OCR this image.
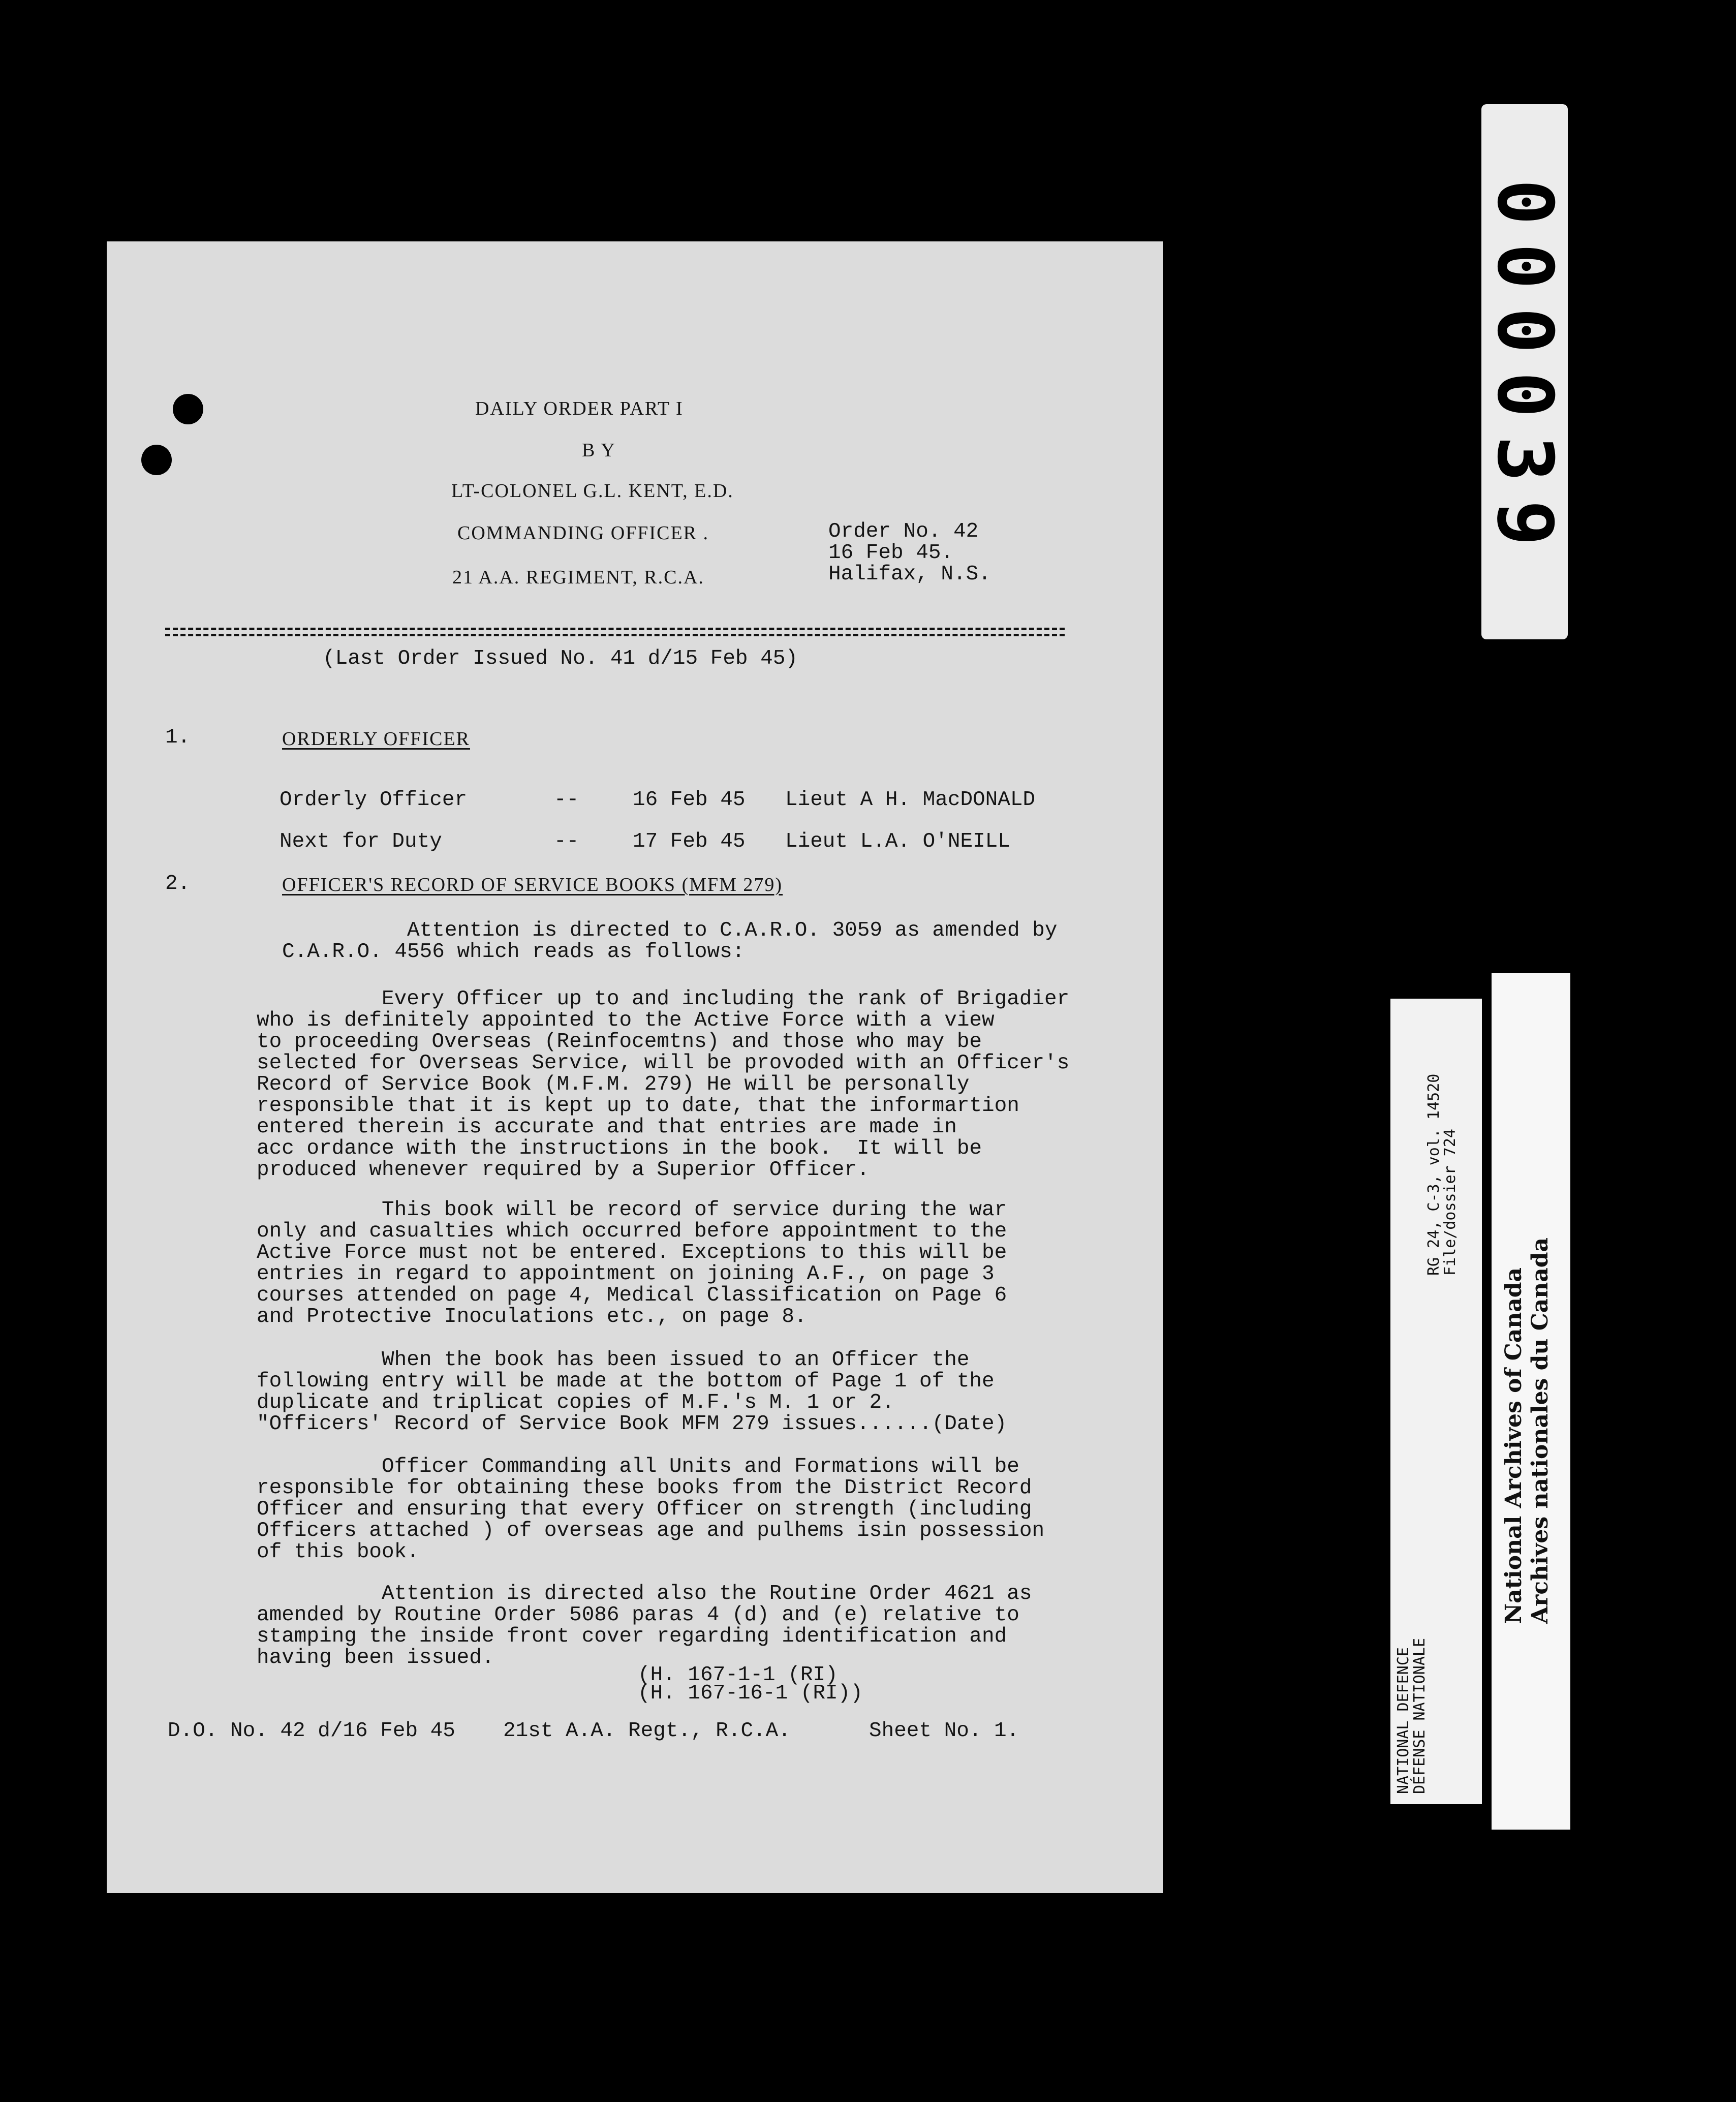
DAILY ORDER PART I
B Y
LT-COLONEL G.L. KENT, E.D.
COMMANDING OFFICER .
21 A.A. REGIMENT, R.C.A.
Order No. 42
16 Feb 45.
Halifax, N.S.
(Last Order Issued No. 41 d/15 Feb 45)
1.	ORDERLY OFFICER
Orderly Officer	--	16 Feb 45 Lieut A H. MacDONALD
Next for Duty	--	17 Feb 45 Lieut L.A. O'NEILL
2.	OFFICER'S RECORD OF SERVICE BOOKS (MFM 279)
Attention is directed to C.A.R.O. 3059 as amended by
C.A.R.O. 4556 which reads as follows:
Every Officer up to and including the rank of Brigadier
who is definitely appointed to the Active Force with a view
to proceeding Overseas (Reinfocemtns) and those who may be
selected for Overseas Service, will be provoded with an Officer's
Record of Service Book (M.F.M. 279) He will be personally
responsible that it is kept up to date, that the informartion
entered therein is accurate and that entries are made in
acc ordance with the instructions in the book.  It will be
produced whenever required by a Superior Officer.
This book will be record of service during the war
only and casualties which occurred before appointment to the
Active Force must not be entered. Exceptions to this will be
entries in regard to appointment on joining A.F., on page 3
courses attended on page 4, Medical Classification on Page 6
and Protective Inoculations etc., on page 8.
When the book has been issued to an Officer the
following entry will be made at the bottom of Page 1 of the
duplicate and triplicat copies of M.F.'s M. 1 or 2.
"Officers' Record of Service Book MFM 279 issues......(Date)
Officer Commanding all Units and Formations will be
responsible for obtaining these books from the District Record
Officer and ensuring that every Officer on strength (including
Officers attached ) of overseas age and pulhems isin possession
of this book.
Attention is directed also the Routine Order 4621 as
amended by Routine Order 5086 paras 4 (d) and (e) relative to
stamping the inside front cover regarding identification and
having been issued.
(H. 167-1-1 (RI)
(H. 167-16-1 (RI))
D.O. No. 42 d/16 Feb 45 21st A.A. Regt., R.C.A.	Sheet No. 1.
000039
NATIONAL DEFENCE
DÉFENSE NATIONALE
RG 24, C-3, vol. 14520
File/dossier 724
National Archives of Canada Archives nationales du Canada
